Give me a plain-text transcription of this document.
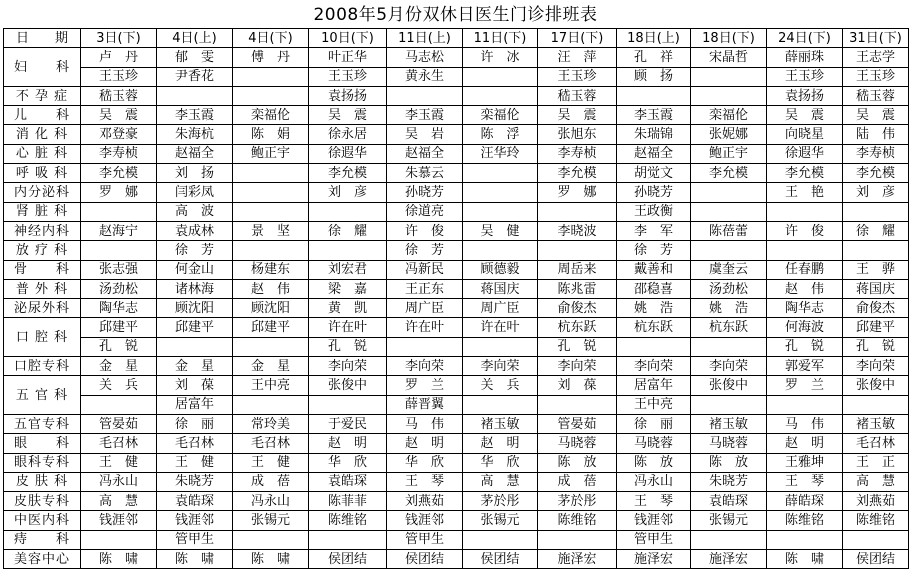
2008年5月份双休日医生门诊排班表
日　　期	3日(下)	4日(上)	4日(下)	10日(下)	11日(上)	11日(下)	17日(下)	18日(上)	18日(下)	24日(下)	31日(下)
妇　　科	卢　丹	郁　雯	傅　丹	叶正华	马志松	许　冰	汪　萍	孔　祥	宋晶哲	薛丽珠	王志学
	王玉珍	尹香花		王玉珍	黄永生		王玉珍	顾　扬		王玉珍	王玉珍
不 孕 症	嵇玉蓉			袁扬扬			嵇玉蓉			袁扬扬	嵇玉蓉
儿　　科	吴　震	李玉霞	栾福伦	吴　震	李玉霞	栾福伦	吴　震	李玉霞	栾福伦	吴　震	吴　震
消 化 科	邓登豪	朱海杭	陈　娟	徐永居	吴　岩	陈　浮	张旭东	朱瑞锦	张妮娜	向晓星	陆　伟
心 脏 科	李寿桢	赵福全	鲍正宇	徐遐华	赵福全	汪华玲	李寿桢	赵福全	鲍正宇	徐遐华	李寿桢
呼 吸 科	李允模	刘　扬		李允模	朱慕云		李允模	胡觉文	李允模	李允模	李允模
内分泌科	罗　娜	闫彩凤		刘　彦	孙晓芳		罗　娜	孙晓芳		王　艳	刘　彦
肾 脏 科		高　波			徐道亮			王政衡			
神经内科	赵海宁	袁成林	景　坚	徐　耀	许　俊	吴　健	李晓波	李　军	陈蓓蕾	许　俊	徐　耀
放 疗 科		徐　芳			徐　芳			徐　芳			
骨　　科	张志强	何金山	杨建东	刘宏君	冯新民	顾德毅	周岳来	戴善和	虞奎云	任春鹏	王　骅
普 外 科	汤劲松	诸林海	赵　伟	梁　嘉	王正东	蒋国庆	陈兆雷	邵稳喜	汤劲松	赵　伟	蒋国庆
泌尿外科	陶华志	顾沈阳	顾沈阳	黄　凯	周广臣	周广臣	俞俊杰	姚　浩	姚　浩	陶华志	俞俊杰
口 腔 科	邱建平	邱建平	邱建平	许在叶	许在叶	许在叶	杭东跃	杭东跃	杭东跃	何海波	邱建平
	孔　锐			孔　锐			孔　锐			孔　锐	孔　锐
口腔专科	金　星	金　星	金　星	李向荣	李向荣	李向荣	李向荣	李向荣	李向荣	郭爱军	李向荣
五 官 科	关　兵	刘　葆	王中亮	张俊中	罗　兰	关　兵	刘　葆	居富年	张俊中	罗　兰	张俊中
		居富年			薛晋翼			王中亮			
五官专科	管晏茹	徐　丽	常玲美	于爱民	马　伟	褚玉敏	管晏茹	徐　丽	褚玉敏	马　伟	褚玉敏
眼　　科	毛召林	毛召林	毛召林	赵　明	赵　明	赵　明	马晓蓉	马晓蓉	马晓蓉	赵　明	毛召林
眼科专科	王　健	王　健	王　健	华　欣	华　欣	华　欣	陈　放	陈　放	陈　放	王雅坤	王　正
皮 肤 科	冯永山	朱晓芳	成　蓓	袁皓琛	王　琴	高　慧	成　蓓	冯永山	朱晓芳	王　琴	高　慧
皮肤专科	高　慧	袁皓琛	冯永山	陈菲菲	刘燕茹	茅於彤	茅於彤	王　琴	袁皓琛	薛皓琛	刘燕茹
中医内科	钱涯邻	钱涯邻	张锡元	陈维铭	钱涯邻	张锡元	陈维铭	钱涯邻	张锡元	陈维铭	陈维铭
痔　　科		管甲生			管甲生			管甲生			
美容中心	陈　啸	陈　啸	陈　啸	侯团结	侯团结	侯团结	施泽宏	施泽宏	施泽宏	陈　啸	侯团结
